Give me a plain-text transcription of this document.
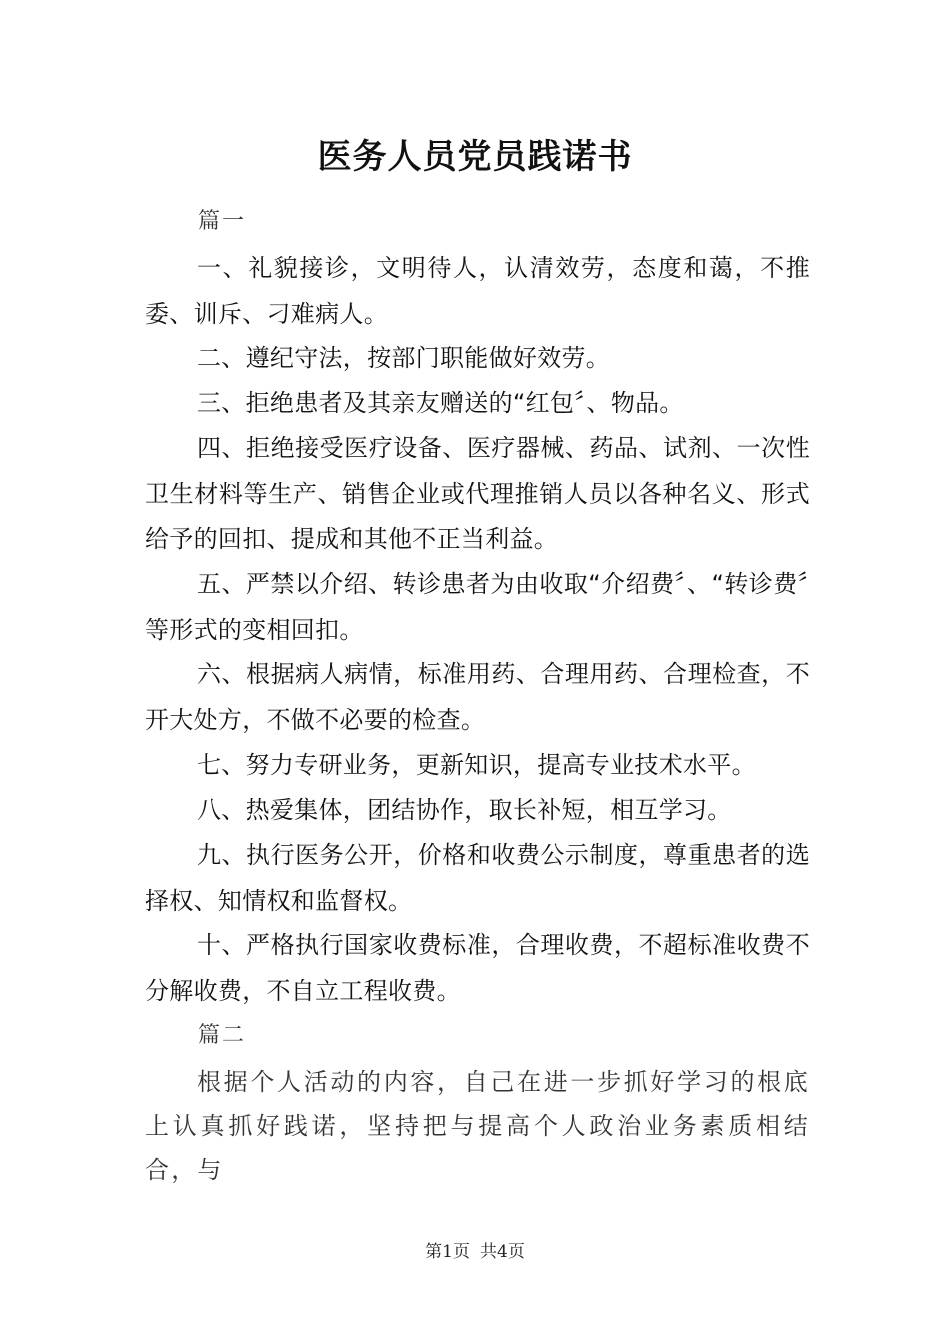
医务人员党员践诺书
篇一

一、礼貌接诊，文明待人，认清效劳，态度和蔼，不推委、训斥、刁难病人。

二、遵纪守法，按部门职能做好效劳。

三、拒绝患者及其亲友赠送的“红包〞、物品。

四、拒绝接受医疗设备、医疗器械、药品、试剂、一次性卫生材料等生产、销售企业或代理推销人员以各种名义、形式给予的回扣、提成和其他不正当利益。

五、严禁以介绍、转诊患者为由收取“介绍费〞、“转诊费〞等形式的变相回扣。

六、根据病人病情，标准用药、合理用药、合理检查，不开大处方，不做不必要的检查。

七、努力专研业务，更新知识，提高专业技术水平。

八、热爱集体，团结协作，取长补短，相互学习。

九、执行医务公开，价格和收费公示制度，尊重患者的选择权、知情权和监督权。

十、严格执行国家收费标准，合理收费，不超标准收费不分解收费，不自立工程收费。

篇二

根据个人活动的内容，自己在进一步抓好学习的根底上认真抓好践诺，坚持把与提高个人政治业务素质相结合，与

第1页 共4页
